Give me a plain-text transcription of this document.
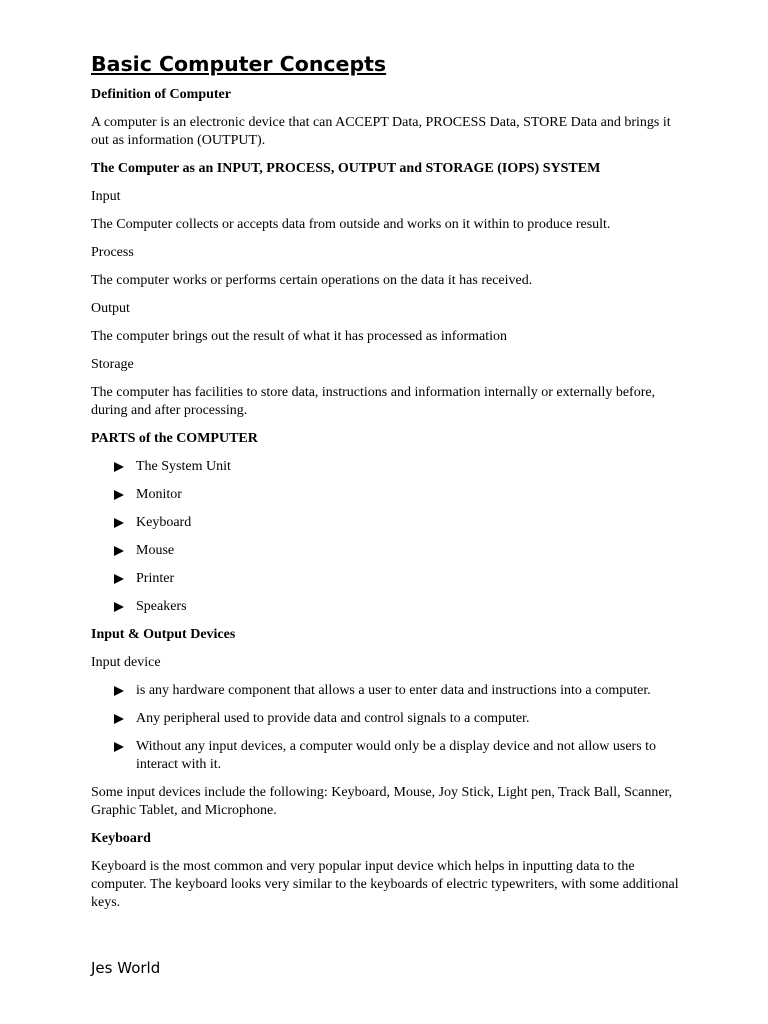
Basic Computer Concepts
Definition of Computer
A computer is an electronic device that can ACCEPT Data, PROCESS Data, STORE Data and brings it out as information (OUTPUT).
The Computer as an INPUT, PROCESS, OUTPUT and STORAGE (IOPS) SYSTEM
Input
The Computer collects or accepts data from outside and works on it within to produce result.
Process
The computer works or performs certain operations on the data it has received.
Output
The computer brings out the result of what it has processed as information
Storage
The computer has facilities to store data, instructions and information internally or externally before, during and after processing.
PARTS of the COMPUTER
The System Unit
Monitor
Keyboard
Mouse
Printer
Speakers
Input & Output Devices
Input device
is any hardware component that allows a user to enter data and instructions into a computer.
Any peripheral used to provide data and control signals to a computer.
Without any input devices, a computer would only be a display device and not allow users to interact with it.
Some input devices include the following: Keyboard, Mouse, Joy Stick, Light pen, Track Ball, Scanner, Graphic Tablet, and Microphone.
Keyboard
Keyboard is the most common and very popular input device which helps in inputting data to the computer. The keyboard looks very similar to the keyboards of electric typewriters, with some additional keys.
Jes World
